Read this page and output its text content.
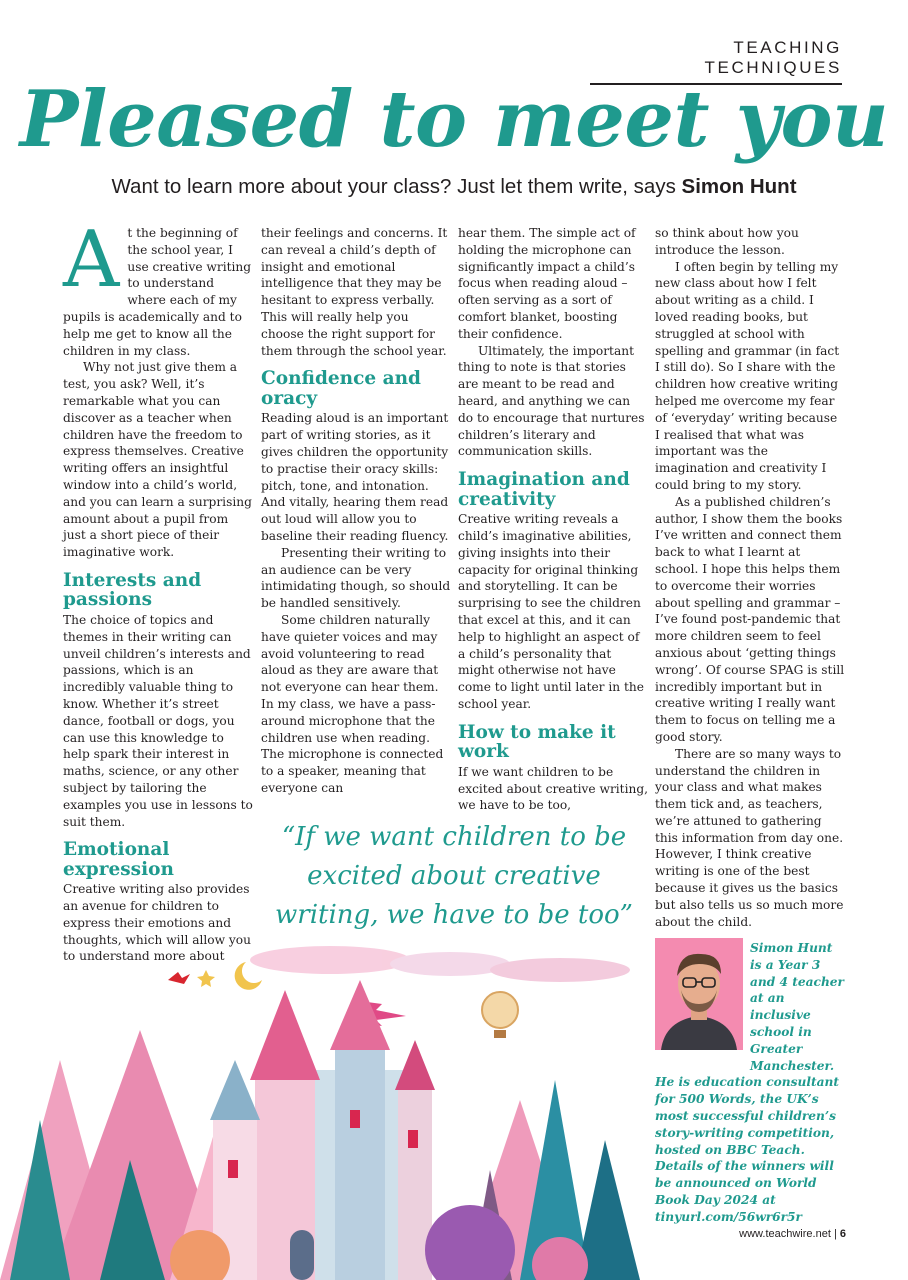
TEACHING TECHNIQUES
Pleased to meet you
Want to learn more about your class? Just let them write, says Simon Hunt
A t the beginning of the school year, I use creative writing to understand where each of my pupils is academically and to help me get to know all the children in my class.

Why not just give them a test, you ask? Well, it’s remarkable what you can discover as a teacher when children have the freedom to express themselves. Creative writing offers an insightful window into a child’s world, and you can learn a surprising amount about a pupil from just a short piece of their imaginative work.

Interests and passions

The choice of topics and themes in their writing can unveil children’s interests and passions, which is an incredibly valuable thing to know. Whether it’s street dance, football or dogs, you can use this knowledge to help spark their interest in maths, science, or any other subject by tailoring the examples you use in lessons to suit them.

Emotional expression

Creative writing also provides an avenue for children to express their emotions and thoughts, which will allow you to understand more about

their feelings and concerns. It can reveal a child’s depth of insight and emotional intelligence that they may be hesitant to express verbally. This will really help you choose the right support for them through the school year.

Confidence and oracy

Reading aloud is an important part of writing stories, as it gives children the opportunity to practise their oracy skills: pitch, tone, and intonation. And vitally, hearing them read out loud will allow you to baseline their reading fluency.

Presenting their writing to an audience can be very intimidating though, so should be handled sensitively.

Some children naturally have quieter voices and may avoid volunteering to read aloud as they are aware that not everyone can hear them. In my class, we have a pass-around microphone that the children use when reading. The microphone is connected to a speaker, meaning that everyone can

hear them. The simple act of holding the microphone can significantly impact a child’s focus when reading aloud – often serving as a sort of comfort blanket, boosting their confidence.

Ultimately, the important thing to note is that stories are meant to be read and heard, and anything we can do to encourage that nurtures children’s literary and communication skills.

Imagination and creativity

Creative writing reveals a child’s imaginative abilities, giving insights into their capacity for original thinking and storytelling. It can be surprising to see the children that excel at this, and it can help to highlight an aspect of a child’s personality that might otherwise not have come to light until later in the school year.

How to make it work

If we want children to be excited about creative writing, we have to be too,

so think about how you introduce the lesson.

I often begin by telling my new class about how I felt about writing as a child. I loved reading books, but struggled at school with spelling and grammar (in fact I still do). So I share with the children how creative writing helped me overcome my fear of ‘everyday’ writing because I realised that what was important was the imagination and creativity I could bring to my story.

As a published children’s author, I show them the books I’ve written and connect them back to what I learnt at school. I hope this helps them to overcome their worries about spelling and grammar – I’ve found post-pandemic that more children seem to feel anxious about ‘getting things wrong’. Of course SPAG is still incredibly important but in creative writing I really want them to focus on telling me a good story.

There are so many ways to understand the children in your class and what makes them tick and, as teachers, we’re attuned to gathering this information from day one. However, I think creative writing is one of the best because it gives us the basics but also tells us so much more about the child.

“If we want children to be excited about creative writing, we have to be too”
Simon Hunt is a Year 3 and 4 teacher at an inclusive school in Greater Manchester. He is education consultant for 500 Words, the UK’s most successful children’s story-writing competition, hosted on BBC Teach. Details of the winners will be announced on World Book Day 2024 at tinyurl.com/56wr6r5r
www.teachwire.net | 6
